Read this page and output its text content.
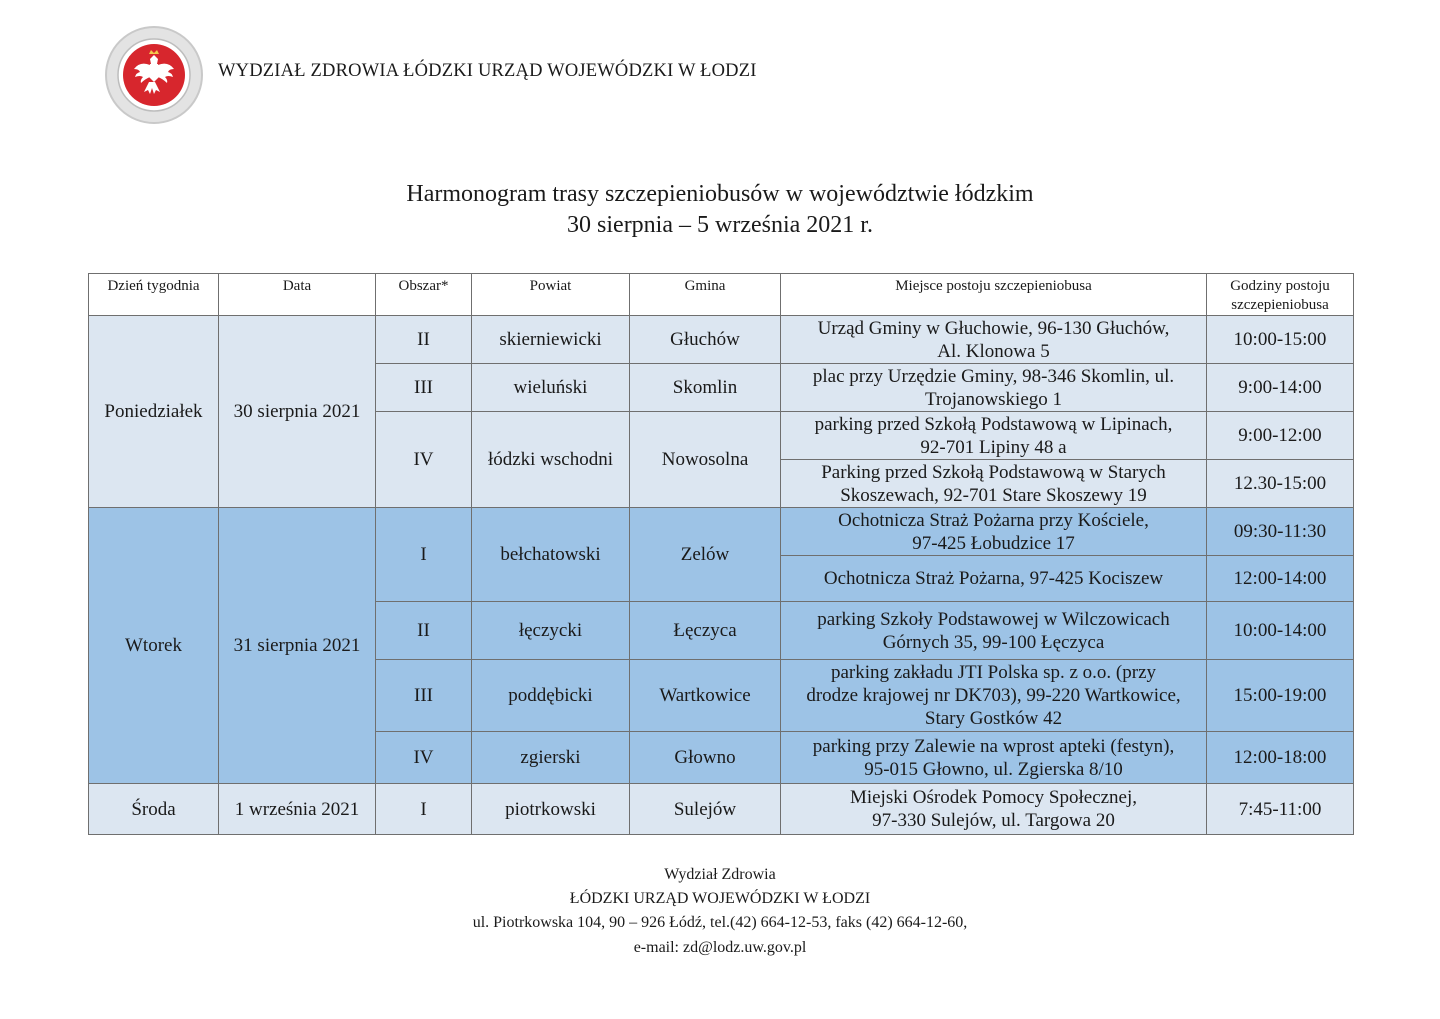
WYDZIAŁ ZDROWIA ŁÓDZKI URZĄD WOJEWÓDZKI W ŁODZI
Harmonogram trasy szczepieniobusów w województwie łódzkim
30 sierpnia – 5 września 2021 r.
Dzień tygodnia	Data	Obszar*	Powiat	Gmina	Miejsce postoju szczepieniobusa	Godziny postoju szczepieniobusa
Poniedziałek	30 sierpnia 2021	II	skierniewicki	Głuchów	Urząd Gminy w Głuchowie, 96-130 Głuchów,
Al. Klonowa 5	10:00-15:00
		III	wieluński	Skomlin	plac przy Urzędzie Gminy, 98-346 Skomlin, ul.
Trojanowskiego 1	9:00-14:00
		IV	łódzki wschodni	Nowosolna	parking przed Szkołą Podstawową w Lipinach,
92-701 Lipiny 48 a	9:00-12:00

					Parking przed Szkołą Podstawową w Starych
Skoszewach, 92-701 Stare Skoszewy 19	12.30-15:00
Wtorek	31 sierpnia 2021	I	bełchatowski	Zelów	Ochotnicza Straż Pożarna przy Kościele,
97-425 Łobudzice 17	09:30-11:30

					Ochotnicza Straż Pożarna, 97-425 Kociszew	12:00-14:00
		II	łęczycki	Łęczyca	parking Szkoły Podstawowej w Wilczowicach
Górnych 35, 99-100 Łęczyca	10:00-14:00
		III	poddębicki	Wartkowice	parking zakładu JTI Polska sp. z o.o. (przy
drodze krajowej nr DK703), 99-220 Wartkowice,
Stary Gostków 42	15:00-19:00
		IV	zgierski	Głowno	parking przy Zalewie na wprost apteki (festyn),
95-015 Głowno, ul. Zgierska 8/10	12:00-18:00
Środa	1 września 2021	I	piotrkowski	Sulejów	Miejski Ośrodek Pomocy Społecznej,
97-330 Sulejów, ul. Targowa 20	7:45-11:00
Wydział Zdrowia
ŁÓDZKI URZĄD WOJEWÓDZKI W ŁODZI
ul. Piotrkowska 104, 90 – 926 Łódź, tel.(42) 664-12-53, faks (42) 664-12-60,
e-mail: zd@lodz.uw.gov.pl
